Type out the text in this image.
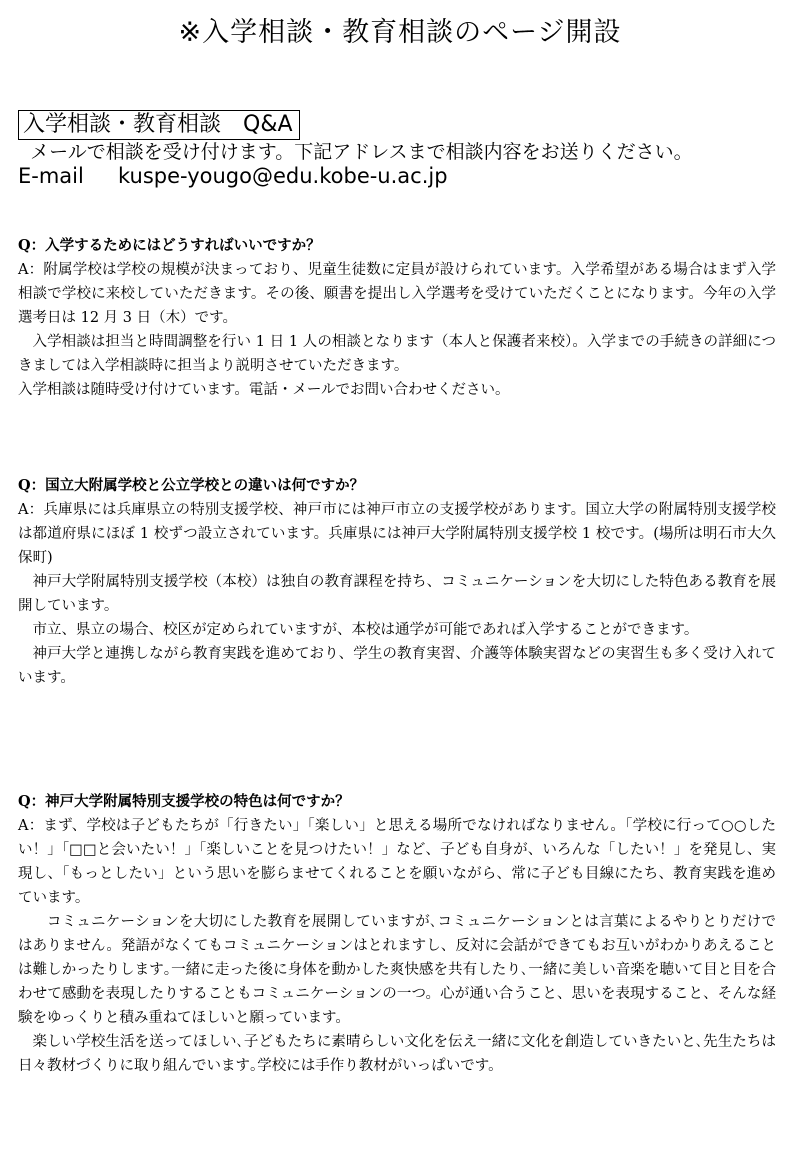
※入学相談・教育相談のページ開設
入学相談・教育相談　Q&A
メールで相談を受け付けます。下記アドレスまで相談内容をお送りください。
E-mail kuspe-yougo@edu.kobe-u.ac.jp
Q：入学するためにはどうすればいいですか？

A：附属学校は学校の規模が決まっており、児童生徒数に定員が設けられています。入学希望がある場合はまず入学相談で学校に来校していただきます。その後、願書を提出し入学選考を受けていただくことになります。今年の入学選考日は 12 月 3 日（木）です。

入学相談は担当と時間調整を行い 1 日 1 人の相談となります（本人と保護者来校）。入学までの手続きの詳細につきましては入学相談時に担当より説明させていただきます。

入学相談は随時受け付けています。電話・メールでお問い合わせください。

Q：国立大附属学校と公立学校との違いは何ですか？

A：兵庫県には兵庫県立の特別支援学校、神戸市には神戸市立の支援学校があります。国立大学の附属特別支援学校は都道府県にほぼ 1 校ずつ設立されています。兵庫県には神戸大学附属特別支援学校 1 校です。(場所は明石市大久保町)

神戸大学附属特別支援学校（本校）は独自の教育課程を持ち、コミュニケーションを大切にした特色ある教育を展開しています。

市立、県立の場合、校区が定められていますが、本校は通学が可能であれば入学することができます。

神戸大学と連携しながら教育実践を進めており、学生の教育実習、介護等体験実習などの実習生も多く受け入れています。

Q：神戸大学附属特別支援学校の特色は何ですか？

A：まず、学校は子どもたちが「行きたい」「楽しい」と思える場所でなければなりません。「学校に行って○○したい！」「□□と会いたい！」「楽しいことを見つけたい！」など、子ども自身が、いろんな「したい！」を発見し、実現し、「もっとしたい」という思いを膨らませてくれることを願いながら、常に子ども目線にたち、教育実践を進めています。

コミュニケーションを大切にした教育を展開していますが､コミュニケーションとは言葉によるやりとりだけではありません。発語がなくてもコミュニケーションはとれますし、反対に会話ができてもお互いがわかりあえることは難しかったりします｡一緒に走った後に身体を動かした爽快感を共有したり､一緒に美しい音楽を聴いて目と目を合わせて感動を表現したりすることもコミュニケーションの一つ。心が通い合うこと、思いを表現すること、そんな経験をゆっくりと積み重ねてほしいと願っています。

楽しい学校生活を送ってほしい､子どもたちに素晴らしい文化を伝え一緒に文化を創造していきたいと､先生たちは日々教材づくりに取り組んでいます｡学校には手作り教材がいっぱいです。
